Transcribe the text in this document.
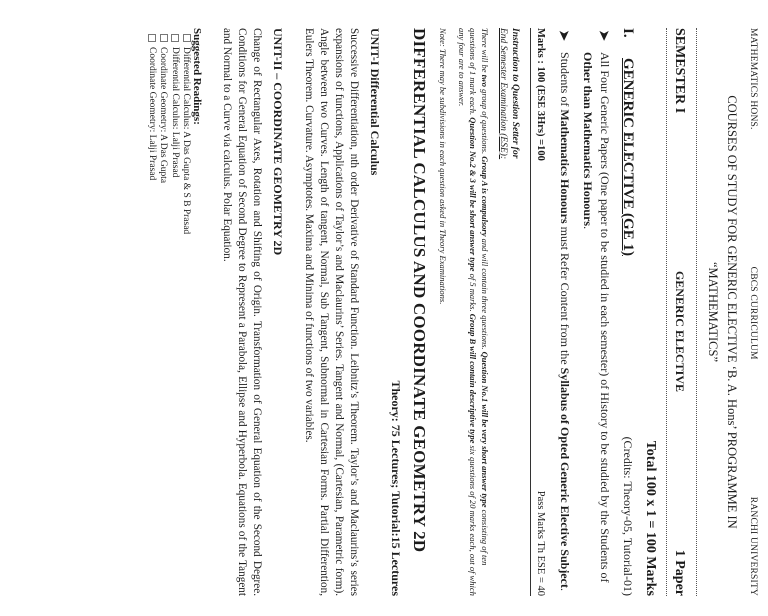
MATHEMATICS HONS.
CBCS CURRICULUM
RANCHI UNIVERSITY
COURSES OF STUDY FOR GENERIC ELECTIVE ‘B. A. Hons’ PROGRAMME IN
“MATHEMATICS”
SEMESTER I
GENERIC ELECTIVE
1 Paper
Total 100 x 1 = 100 Marks
I.GENERIC ELECTIVE (GE 1)
(Credits: Theory-05, Tutorial-01)
➤
All Four Generic Papers (One paper to be studied in each semester) of History to be studied by the Students of Other than Mathematics Honours.
➤
Students of Mathematics Honours must Refer Content from the Syllabus of Opted Generic Elective Subject.
Marks : 100 (ESE 3Hrs) =100
Pass Marks Th ESE = 40
Instruction to Question Setter for
End Semester Examination (ESE):
There will be two group of questions. Group A is compulsory and will contain three questions. Question No.1 will be very short answer type consisting of ten questions of 1 mark each. Question No.2 & 3 will be short answer type of 5 marks. Group B will contain descriptive type six questions of 20 marks each, out of which any four are to answer.
Note: There may be subdivisions in each question asked in Theory Examinations.
DIFFERENTIAL CALCULUS AND COORDINATE GEOMETRY 2D
Theory: 75 Lectures; Tutorial:15 Lectures
UNIT-I Differential Calculus
Successive Differentiation, nth order Derivative of Standard Function. Leibnitz’s Theorem. Taylor’s and Maclaurins’s series expansions of functions, Applications of Taylor’s and Maclaurins’ Series. Tangent and Normal, (Cartesian, Parametric form). Angle between two Curves. Length of tangent, Normal, Sub Tangent, Subnormal in Cartesian Forms. Partial Differention, Eulers Theorem. Curvature. Asymptotes. Maxima and Minima of functions of two variables.
UNIT-II – COORDINATE GEOMETRY 2D
Change of Rectangular Axes, Rotation and Shifting of Origin. Transformation of General Equation of the Second Degree. Conditions for General Equation of Second Degree to Represent a Parabola, Ellipse and Hyperbola. Equations of the Tangent and Normal to a Curve via calculus. Polar Equation.
Suggested Readings:
Differential Calculus: A Das Gupta & S B Prasad
Differential Calculus: Lalji Prasad
Coordinate Geometry: A Das Gupta
Coordinate Geometry: Lalji Prasad
